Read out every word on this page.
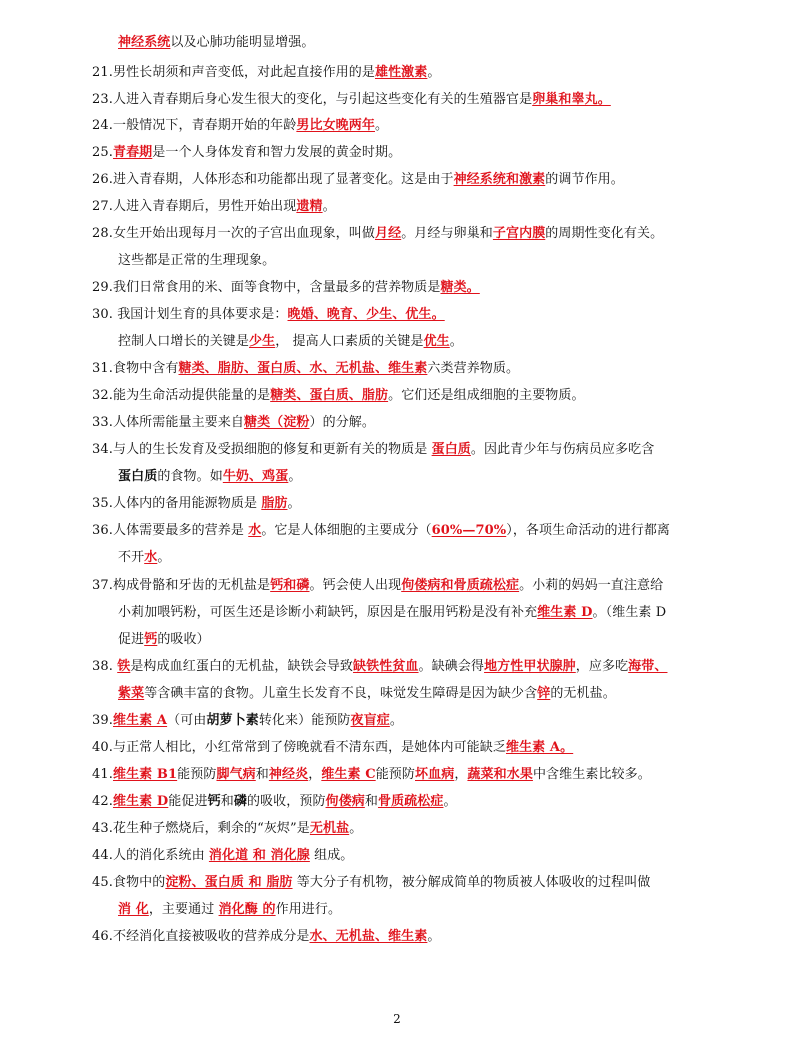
神经系统以及心肺功能明显增强。
21.男性长胡须和声音变低，对此起直接作用的是雄性激素。
23.人进入青春期后身心发生很大的变化，与引起这些变化有关的生殖器官是卵巢和睾丸。
24.一般情况下，青春期开始的年龄男比女晚两年。
25.青春期是一个人身体发育和智力发展的黄金时期。
26.进入青春期，人体形态和功能都出现了显著变化。这是由于神经系统和激素的调节作用。
27.人进入青春期后，男性开始出现遗精。
28.女生开始出现每月一次的子宫出血现象，叫做月经。月经与卵巢和子宫内膜的周期性变化有关。
这些都是正常的生理现象。
29.我们日常食用的米、面等食物中，含量最多的营养物质是糖类。
30. 我国计划生育的具体要求是：晚婚、晚育、少生、优生。
控制人口增长的关键是少生， 提高人口素质的关键是优生。
31.食物中含有糖类、脂肪、蛋白质、水、无机盐、维生素六类营养物质。
32.能为生命活动提供能量的是糖类、蛋白质、脂肪。它们还是组成细胞的主要物质。
33.人体所需能量主要来自糖类（淀粉）的分解。
34.与人的生长发育及受损细胞的修复和更新有关的物质是 蛋白质。因此青少年与伤病员应多吃含
蛋白质的食物。如牛奶、鸡蛋。
35.人体内的备用能源物质是 脂肪。
36.人体需要最多的营养是 水。它是人体细胞的主要成分（60%—70%），各项生命活动的进行都离
不开水。
37.构成骨骼和牙齿的无机盐是钙和磷。钙会使人出现佝偻病和骨质疏松症。小莉的妈妈一直注意给
小莉加喂钙粉，可医生还是诊断小莉缺钙，原因是在服用钙粉是没有补充维生素 D。（维生素 D
促进钙的吸收）
38. 铁是构成血红蛋白的无机盐，缺铁会导致缺铁性贫血。缺碘会得地方性甲状腺肿，应多吃海带、
紫菜等含碘丰富的食物。儿童生长发育不良，味觉发生障碍是因为缺少含锌的无机盐。
39.维生素 A（可由胡萝卜素转化来）能预防夜盲症。
40.与正常人相比，小红常常到了傍晚就看不清东西，是她体内可能缺乏维生素 A。
41.维生素 B1能预防脚气病和神经炎，维生素 C能预防坏血病，蔬菜和水果中含维生素比较多。
42.维生素 D能促进钙和磷的吸收，预防佝偻病和骨质疏松症。
43.花生种子燃烧后，剩余的“灰烬”是无机盐。
44.人的消化系统由 消化道 和 消化腺 组成。
45.食物中的淀粉、蛋白质 和 脂肪 等大分子有机物，被分解成简单的物质被人体吸收的过程叫做
消 化，主要通过 消化酶 的作用进行。
46.不经消化直接被吸收的营养成分是水、无机盐、维生素。
2
